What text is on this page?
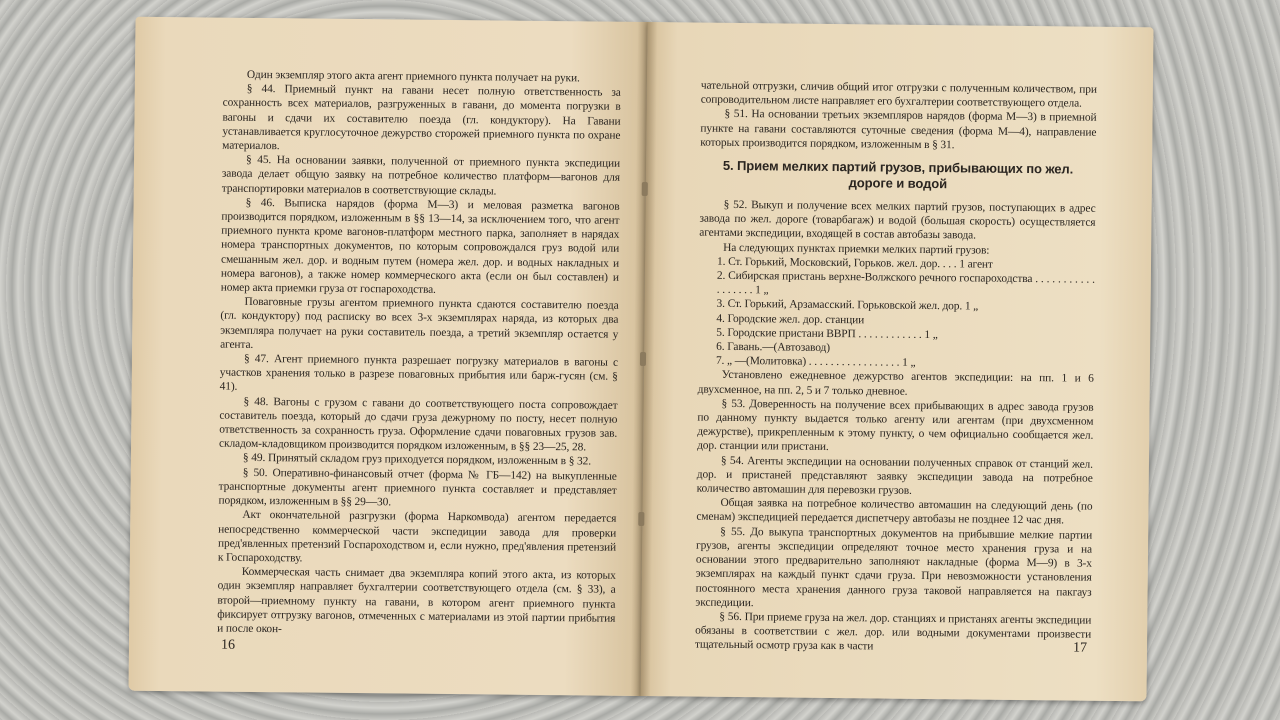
Один экземпляр этого акта агент приемного пункта получает на руки.

§ 44. Приемный пункт на гавани несет полную ответственность за сохранность всех материалов, разгруженных в гавани, до момента погрузки в вагоны и сдачи их составителю поезда (гл. кондуктору). На Гавани устанавливается круглосуточное дежурство сторожей приемного пункта по охране материалов.

§ 45. На основании заявки, полученной от приемного пункта экспедиции завода делает общую заявку на потребное количество платформ—вагонов для транспортировки материалов в соответствующие склады.

§ 46. Выписка нарядов (форма М—3) и меловая разметка вагонов производится порядком, изложенным в §§ 13—14, за исключением того, что агент приемного пункта кроме вагонов-платформ местного парка, заполняет в нарядах номера транспортных документов, по которым сопровождался груз водой или смешанным жел. дор. и водным путем (номера жел. дор. и водных накладных и номера вагонов), а также номер коммерческого акта (если он был составлен) и номер акта приемки груза от госпароходства.

Поваговные грузы агентом приемного пункта сдаются составителю поезда (гл. кондуктору) под расписку во всех 3-х экземплярах наряда, из которых два экземпляра получает на руки составитель поезда, а третий экземпляр остается у агента.

§ 47. Агент приемного пункта разрешает погрузку материалов в вагоны с участков хранения только в разрезе поваговных прибытия или барж-гусян (см. § 41).

§ 48. Вагоны с грузом с гавани до соответствующего поста сопровождает составитель поезда, который до сдачи груза дежурному по посту, несет полную ответственность за сохранность груза. Оформление сдачи поваговных грузов зав. складом-кладовщиком производится порядком изложенным, в §§ 23—25, 28.

§ 49. Принятый складом груз приходуется порядком, изложенным в § 32.

§ 50. Оперативно-финансовый отчет (форма № ГБ—142) на выкупленные транспортные документы агент приемного пункта составляет и представляет порядком, изложенным в §§ 29—30.

Акт окончательной разгрузки (форма Наркомвода) агентом передается непосредственно коммерческой части экспедиции завода для проверки пред'явленных претензий Госпароходством и, если нужно, пред'явления претензий к Госпароходству.

Коммерческая часть снимает два экземпляра копий этого акта, из которых один экземпляр направляет бухгалтерии соответствующего отдела (см. § 33), а второй—приемному пункту на гавани, в котором агент приемного пункта фиксирует отгрузку вагонов, отмеченных с материалами из этой партии прибытия и после окон-

16

чательной отгрузки, сличив общий итог отгрузки с полученным количеством, при сопроводительном листе направляет его бухгалтерии соответствующего отдела.

§ 51. На основании третьих экземпляров нарядов (форма М—3) в приемной пункте на гавани составляются суточные сведения (форма М—4), направление которых производится порядком, изложенным в § 31.

5. Прием мелких партий грузов, прибывающих по жел. дороге и водой

§ 52. Выкуп и получение всех мелких партий грузов, поступающих в адрес завода по жел. дороге (товарбагаж) и водой (большая скорость) осуществляется агентами экспедиции, входящей в состав автобазы завода.

На следующих пунктах приемки мелких партий грузов:

1. Ст. Горький, Московский, Горьков. жел. дор. . . . 1 агент
2. Сибирская пристань верхне-Волжского речного госпароходства . . . . . . . . . . . . . . . . . . 1 „
3. Ст. Горький, Арзамасский. Горьковской жел. дор. 1 „
4. Городские жел. дор. станции
5. Городские пристани ВВРП . . . . . . . . . . . . 1 „
6. Гавань.—(Автозавод)
7. „ —(Молитовка) . . . . . . . . . . . . . . . . . 1 „

Установлено ежедневное дежурство агентов экспедиции: на пп. 1 и 6 двухсменное, на пп. 2, 5 и 7 только дневное.

§ 53. Доверенность на получение всех прибывающих в адрес завода грузов по данному пункту выдается только агенту или агентам (при двухсменном дежурстве), прикрепленным к этому пункту, о чем официально сообщается жел. дор. станции или пристани.

§ 54. Агенты экспедиции на основании полученных справок от станций жел. дор. и пристаней представляют заявку экспедиции завода на потребное количество автомашин для перевозки грузов.

Общая заявка на потребное количество автомашин на следующий день (по сменам) экспедицией передается диспетчеру автобазы не позднее 12 час дня.

§ 55. До выкупа транспортных документов на прибывшие мелкие партии грузов, агенты экспедиции определяют точное место хранения груза и на основании этого предварительно заполняют накладные (форма М—9) в 3-х экземплярах на каждый пункт сдачи груза. При невозможности установления постоянного места хранения данного груза таковой направляется на пакгауз экспедиции.

§ 56. При приеме груза на жел. дор. станциях и пристанях агенты экспедиции обязаны в соответствии с жел. дор. или водными документами произвести тщательный осмотр груза как в части	17
